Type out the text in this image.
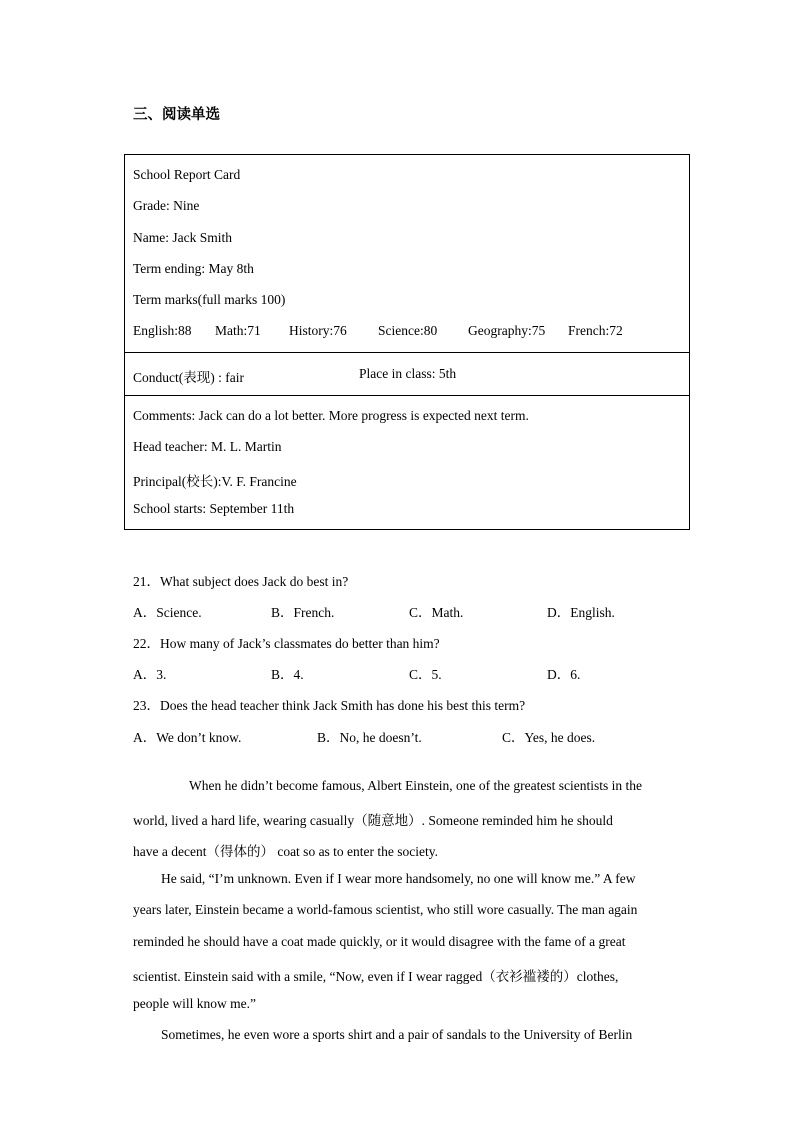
三、阅读单选
School Report Card
Grade: Nine
Name: Jack Smith
Term ending: May 8th
Term marks(full marks 100)
English:88 Math:71 History:76 Science:80 Geography:75 French:72
Conduct(表现) : fair	Place in class: 5th
Comments: Jack can do a lot better. More progress is expected next term.
Head teacher: M. L. Martin
Principal(校长):V. F. Francine
School starts: September 11th
21．What subject does Jack do best in?
A．Science.	B．French.	C．Math.	D．English.
22．How many of Jack’s classmates do better than him?
A．3.	B．4.	C．5.	D．6.
23．Does the head teacher think Jack Smith has done his best this term?
A．We don’t know.	B．No, he doesn’t.	C．Yes, he does.
When he didn’t become famous, Albert Einstein, one of the greatest scientists in the
world, lived a hard life, wearing casually（随意地）. Someone reminded him he should
have a decent（得体的） coat so as to enter the society.
He said, “I’m unknown. Even if I wear more handsomely, no one will know me.” A few
years later, Einstein became a world-famous scientist, who still wore casually. The man again
reminded he should have a coat made quickly, or it would disagree with the fame of a great
scientist. Einstein said with a smile, “Now, even if I wear ragged（衣衫褴褛的）clothes,
people will know me.”
Sometimes, he even wore a sports shirt and a pair of sandals to the University of Berlin
